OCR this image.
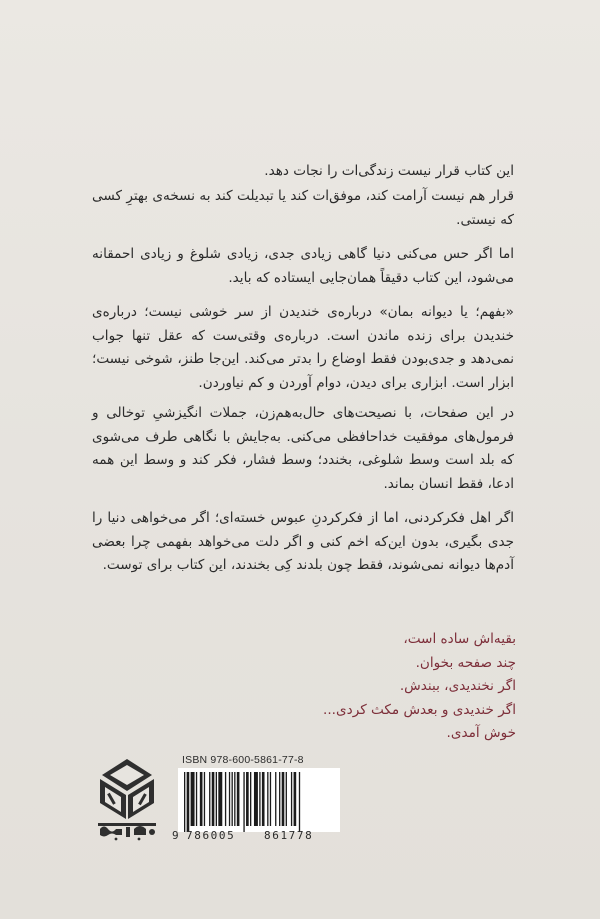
این کتاب قرار نیست زندگی‌ات را نجات دهد.

قرار هم نیست آرامت کند، موفق‌ات کند یا تبدیلت کند به نسخه‌ی بهترِ کسی که نیستی.

اما اگر حس می‌کنی دنیا گاهی زیادی جدی، زیادی شلوغ و زیادی احمقانه می‌شود، این کتاب دقیقاً همان‌جایی ایستاده که باید.

«بفهم؛ یا دیوانه بمان» درباره‌ی خندیدن از سر خوشی نیست؛ درباره‌ی خندیدن برای زنده ماندن است. درباره‌ی وقتی‌ست که عقل تنها جواب نمی‌دهد و جدی‌بودن فقط اوضاع را بدتر می‌کند. این‌جا طنز، شوخی نیست؛ ابزار است. ابزاری برای دیدن، دوام آوردن و کم نیاوردن.

در این صفحات، با نصیحت‌های حال‌به‌هم‌زن، جملات انگیزشیِ توخالی و فرمول‌های موفقیت خداحافظی می‌کنی. به‌جایش با نگاهی طرف می‌شوی که بلد است وسط شلوغی، بخندد؛ وسط فشار، فکر کند و وسط این همه ادعا، فقط انسان بماند.

اگر اهل فکرکردنی، اما از فکرکردنِ عبوس خسته‌ای؛ اگر می‌خواهی دنیا را جدی بگیری، بدون این‌که اخم کنی و اگر دلت می‌خواهد بفهمی چرا بعضی آدم‌ها دیوانه نمی‌شوند، فقط چون بلدند کِی بخندند، این کتاب برای توست.

بقیه‌اش ساده است،
چند صفحه بخوان.
اگر نخندیدی، ببندش.
اگر خندیدی و بعدش مکث کردی...
خوش آمدی.
ISBN 978-600-5861-77-8
9 786005	861778
